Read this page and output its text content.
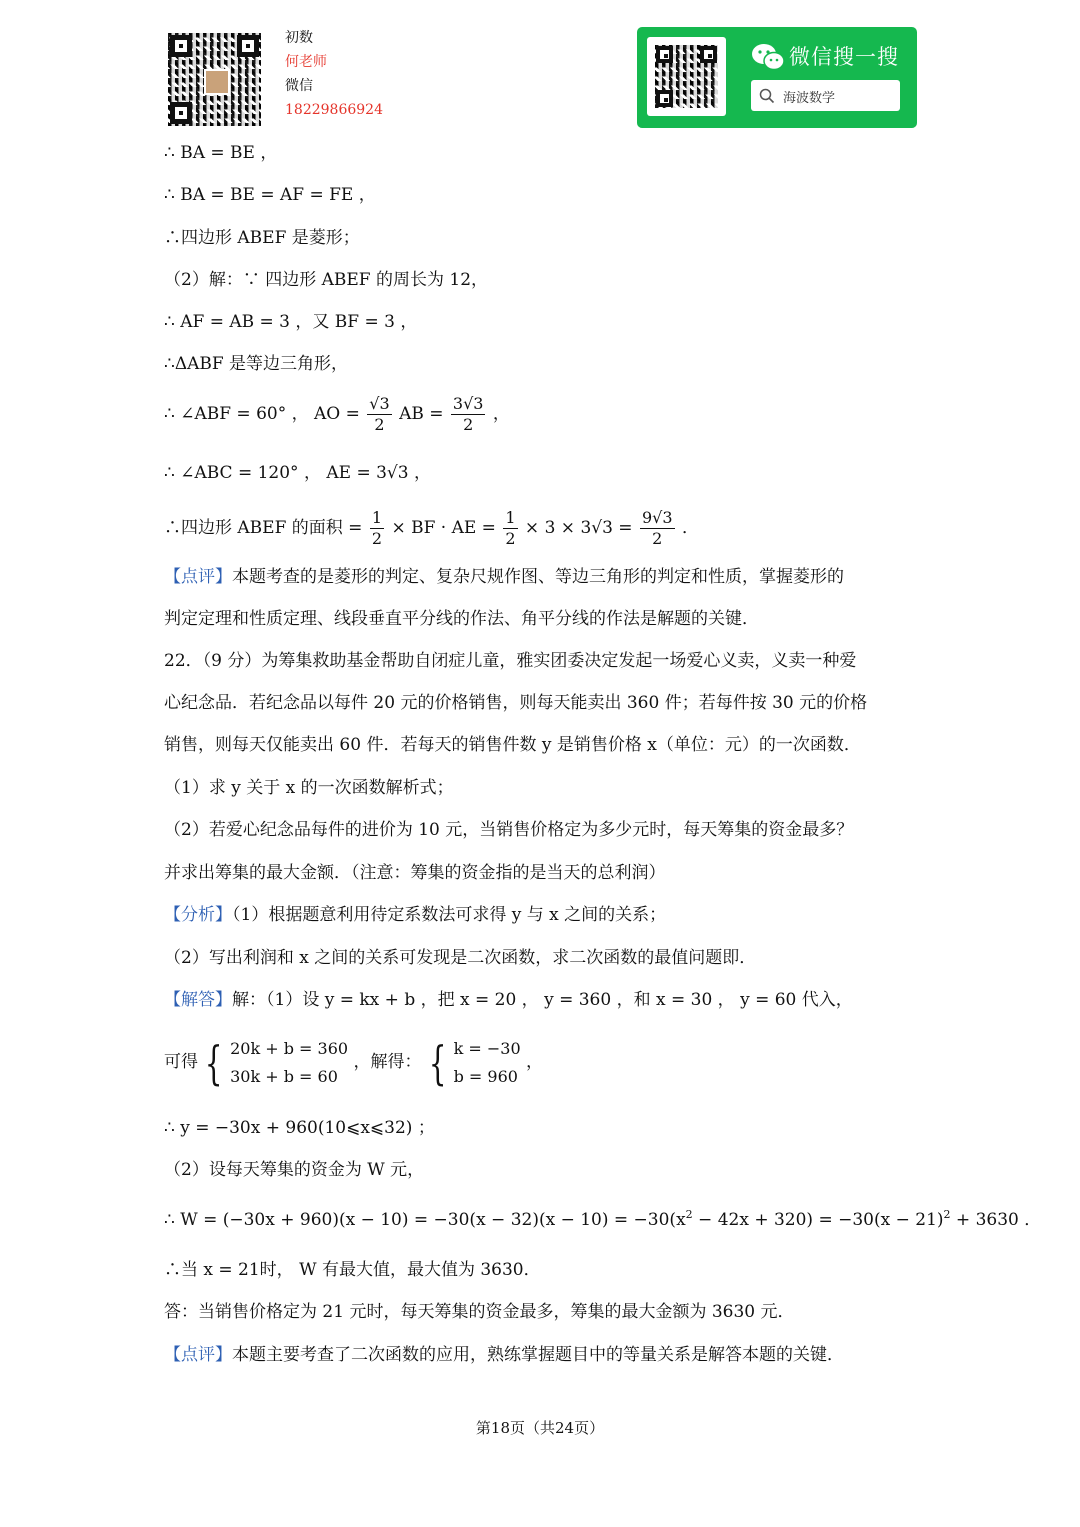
初数
何老师
微信
18229866924
微信搜一搜
海波数学
∴ BA = BE ，
∴ BA = BE = AF = FE ，
∴四边形 ABEF 是菱形；
（2）解：∵ 四边形 ABEF 的周长为 12，
∴ AF = AB = 3 ，又 BF = 3 ，
∴ΔABF 是等边三角形，
∴ ∠ABF = 60° ， AO = $\frac{√3}{2}$ AB = $\frac{3√3}{2}$ ，
∴ ∠ABC = 120° ， AE = 3√3 ，
∴四边形 ABEF 的面积 = $\frac{1}{2}$ × BF · AE = $\frac{1}{2} \times 3 \times 3√3 = \frac{9√3}{2}$ ．
【点评】本题考查的是菱形的判定、复杂尺规作图、等边三角形的判定和性质，掌握菱形的
判定定理和性质定理、线段垂直平分线的作法、角平分线的作法是解题的关键．
22．（9 分）为筹集救助基金帮助自闭症儿童，雅实团委决定发起一场爱心义卖，义卖一种爱
心纪念品．若纪念品以每件 20 元的价格销售，则每天能卖出 360 件；若每件按 30 元的价格
销售，则每天仅能卖出 60 件．若每天的销售件数 y 是销售价格 x（单位：元）的一次函数．
（1）求 y 关于 x 的一次函数解析式；
（2）若爱心纪念品每件的进价为 10 元，当销售价格定为多少元时，每天筹集的资金最多？
并求出筹集的最大金额．（注意：筹集的资金指的是当天的总利润）
【分析】（1）根据题意利用待定系数法可求得 y 与 x 之间的关系；
（2）写出利润和 x 之间的关系可发现是二次函数，求二次函数的最值问题即．
【解答】解：（1）设 y = kx + b ，把 x = 20 ， y = 360 ，和 x = 30 ， y = 60 代入，
可得 { 20k + b = 360
30k + b = 60
，解得： { k = −30
b = 960
，
∴ y = −30x + 960(10⩽x⩽32) ；
（2）设每天筹集的资金为 W 元，
∴ $W = (-30x + 960)(x - 10) = -30(x - 32)(x - 10) = -30(x^2 - 42x + 320) = -30(x - 21)^2 + 3630$ ．
∴当 x = 21时， W 有最大值，最大值为 3630．
答：当销售价格定为 21 元时，每天筹集的资金最多，筹集的最大金额为 3630 元．
【点评】本题主要考查了二次函数的应用，熟练掌握题目中的等量关系是解答本题的关键．
第18页（共24页）
